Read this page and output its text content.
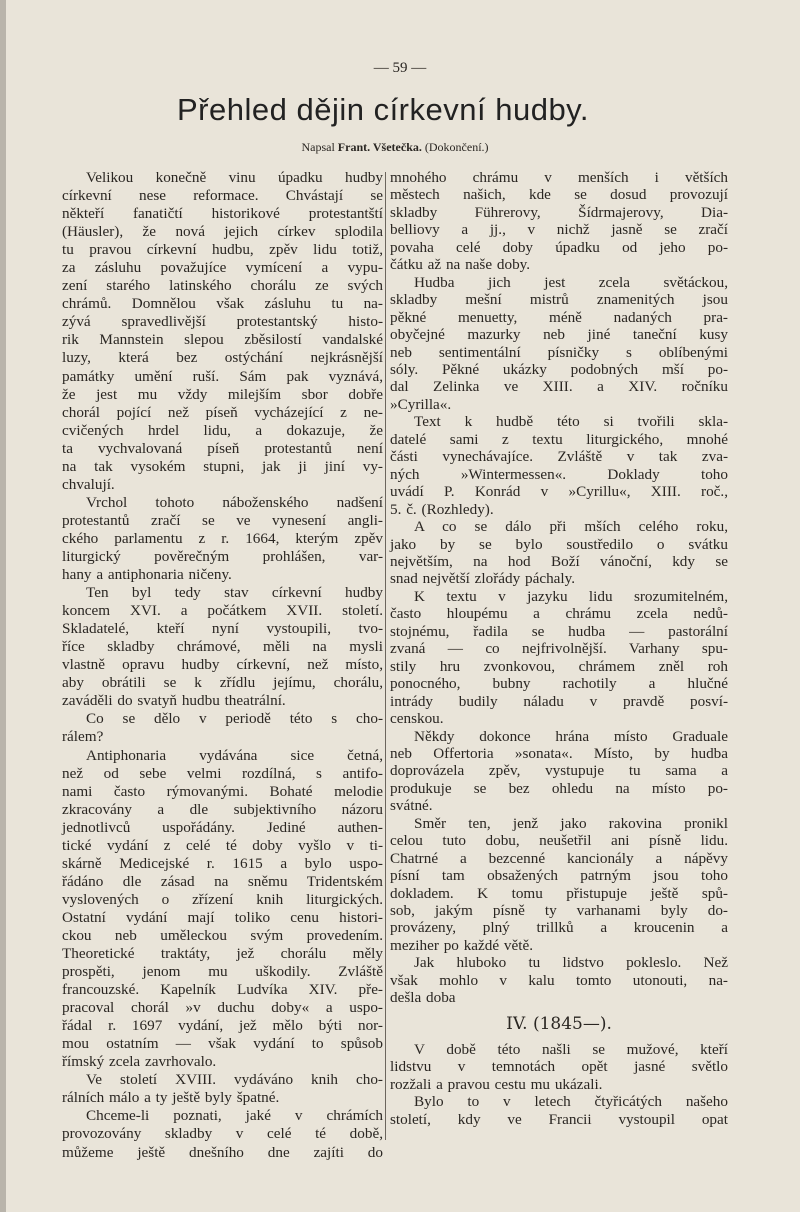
— 59 —
Přehled dějin církevní hudby.
Napsal Frant. Všetečka. (Dokončení.)
Velikou konečně vinu úpadku hudby
církevní nese reformace. Chvástají se
někteří fanatičtí historikové protestantští
(Häusler), že nová jejich církev splodila
tu pravou církevní hudbu, zpěv lidu totiž,
za zásluhu považujíce vymícení a vypu-
zení starého latinského chorálu ze svých
chrámů. Domnělou však zásluhu tu na-
zývá spravedlivější protestantský histo-
rik Mannstein slepou zběsilostí vandalské
luzy, která bez ostýchání nejkrásnější
památky umění ruší. Sám pak vyznává,
že jest mu vždy milejším sbor dobře
chorál pojící než píseň vycházející z ne-
cvičených hrdel lidu, a dokazuje, že
ta vychvalovaná píseň protestantů není
na tak vysokém stupni, jak ji jiní vy-
chvalují.
Vrchol tohoto náboženského nadšení
protestantů zračí se ve vynesení angli-
ckého parlamentu z r. 1664, kterým zpěv
liturgický pověrečným prohlášen, var-
hany a antiphonaria ničeny.
Ten byl tedy stav církevní hudby
koncem XVI. a počátkem XVII. století.
Skladatelé, kteří nyní vystoupili, tvo-
říce skladby chrámové, měli na mysli
vlastně opravu hudby církevní, než místo,
aby obrátili se k zřídlu jejímu, chorálu,
zaváděli do svatyň hudbu theatrální.
Co se dělo v periodě této s cho-
rálem?
Antiphonaria vydávána sice četná,
než od sebe velmi rozdílná, s antifo-
nami často rýmovanými. Bohaté melodie
zkracovány a dle subjektivního názoru
jednotlivců uspořádány. Jediné authen-
tické vydání z celé té doby vyšlo v ti-
skárně Medicejské r. 1615 a bylo uspo-
řádáno dle zásad na sněmu Tridentském
vyslovených o zřízení knih liturgických.
Ostatní vydání mají toliko cenu histori-
ckou neb uměleckou svým provedením.
Theoretické traktáty, jež chorálu měly
prospěti, jenom mu uškodily. Zvláště
francouzské. Kapelník Ludvíka XIV. pře-
pracoval chorál »v duchu doby« a uspo-
řádal r. 1697 vydání, jež mělo býti nor-
mou ostatním — však vydání to spůsob
římský zcela zavrhovalo.
Ve století XVIII. vydáváno knih cho-
rálních málo a ty ještě byly špatné.
Chceme-li poznati, jaké v chrámích
provozovány skladby v celé té době,
můžeme ještě dnešního dne zajíti do
mnohého chrámu v menších i větších
městech našich, kde se dosud provozují
skladby Führerovy, Šídrmajerovy, Dia-
belliovy a jj., v nichž jasně se zračí
povaha celé doby úpadku od jeho po-
čátku až na naše doby.
Hudba jich jest zcela světáckou,
skladby mešní mistrů znamenitých jsou
pěkné menuetty, méně nadaných pra-
obyčejné mazurky neb jiné taneční kusy
neb sentimentální písničky s oblíbenými
sóly. Pěkné ukázky podobných mší po-
dal Zelinka ve XIII. a XIV. ročníku
»Cyrilla«.
Text k hudbě této si tvořili skla-
datelé sami z textu liturgického, mnohé
části vynechávajíce. Zvláště v tak zva-
ných »Wintermessen«. Doklady toho
uvádí P. Konrád v »Cyrillu«, XIII. roč.,
5. č. (Rozhledy).
A co se dálo při mších celého roku,
jako by se bylo soustředilo o svátku
největším, na hod Boží vánoční, kdy se
snad největší zlořády páchaly.
K textu v jazyku lidu srozumitelném,
často hloupému a chrámu zcela nedů-
stojnému, řadila se hudba — pastorální
zvaná — co nejfrivolnější. Varhany spu-
stily hru zvonkovou, chrámem zněl roh
ponocného, bubny rachotily a hlučné
intrády budily náladu v pravdě posví-
censkou.
Někdy dokonce hrána místo Graduale
neb Offertoria »sonata«. Místo, by hudba
doprovázela zpěv, vystupuje tu sama a
produkuje se bez ohledu na místo po-
svátné.
Směr ten, jenž jako rakovina pronikl
celou tuto dobu, neušetřil ani písně lidu.
Chatrné a bezcenné kancionály a nápěvy
písní tam obsažených patrným jsou toho
dokladem. K tomu přistupuje ještě spů-
sob, jakým písně ty varhanami byly do-
provázeny, plný trillků a kroucenin a
meziher po každé větě.
Jak hluboko tu lidstvo pokleslo. Než
však mohlo v kalu tomto utonouti, na-
dešla doba
IV. (1845—).
V době této našli se mužové, kteří
lidstvu v temnotách opět jasné světlo
rozžali a pravou cestu mu ukázali.
Bylo to v letech čtyřicátých našeho
století, kdy ve Francii vystoupil opat
